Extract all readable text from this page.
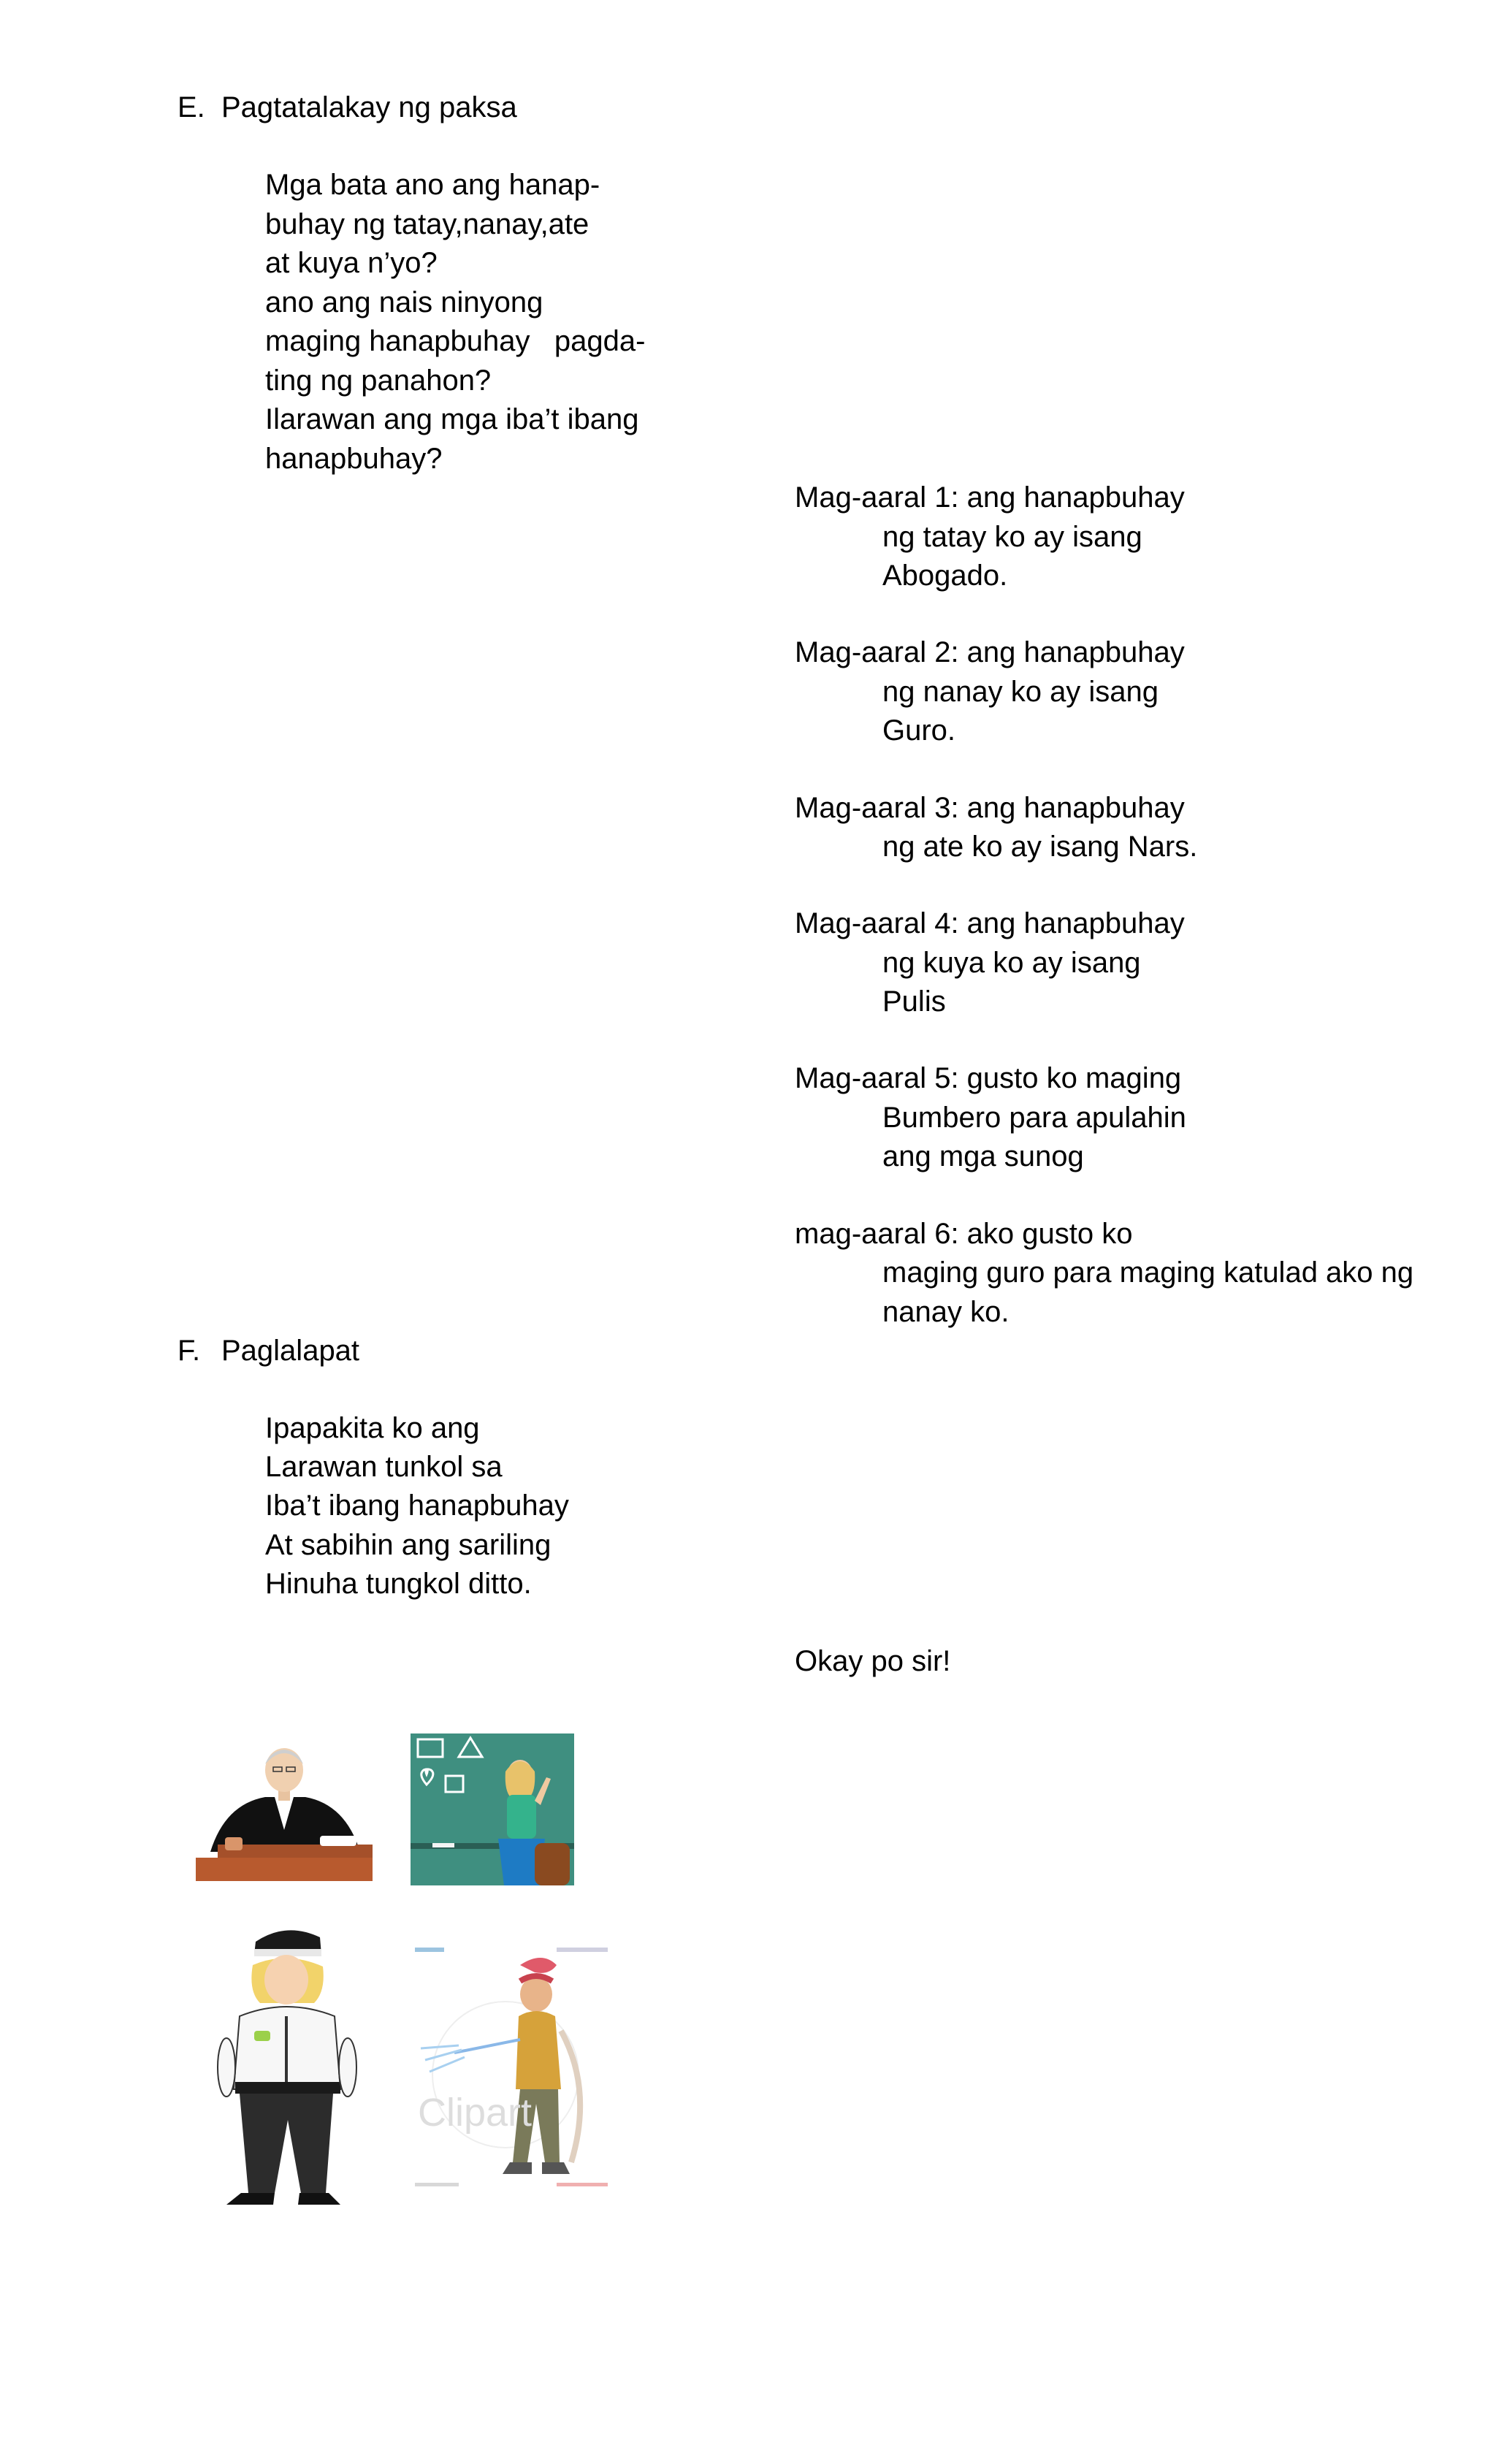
E. Pagtatalakay ng paksa
Mga bata ano ang hanap-
buhay ng tatay,nanay,ate
at kuya n’yo?
ano ang nais ninyong
maging hanapbuhay   pagda-
ting ng panahon?
Ilarawan ang mga iba’t ibang
hanapbuhay?
Mag-aaral 1: ang hanapbuhay
ng tatay ko ay isang
Abogado.
Mag-aaral 2: ang hanapbuhay
ng nanay ko ay isang
Guro.
Mag-aaral 3: ang hanapbuhay
ng ate ko ay isang Nars.
Mag-aaral 4: ang hanapbuhay
ng kuya ko ay isang
Pulis
Mag-aaral 5: gusto ko maging
Bumbero para apulahin
ang mga sunog
mag-aaral 6: ako gusto ko
maging guro para maging katulad ako ng
nanay ko.
F. Paglalapat
Ipapakita ko ang
Larawan tunkol sa
Iba’t ibang hanapbuhay
At sabihin ang sariling
Hinuha tungkol ditto.
Okay po sir!
Clipart
